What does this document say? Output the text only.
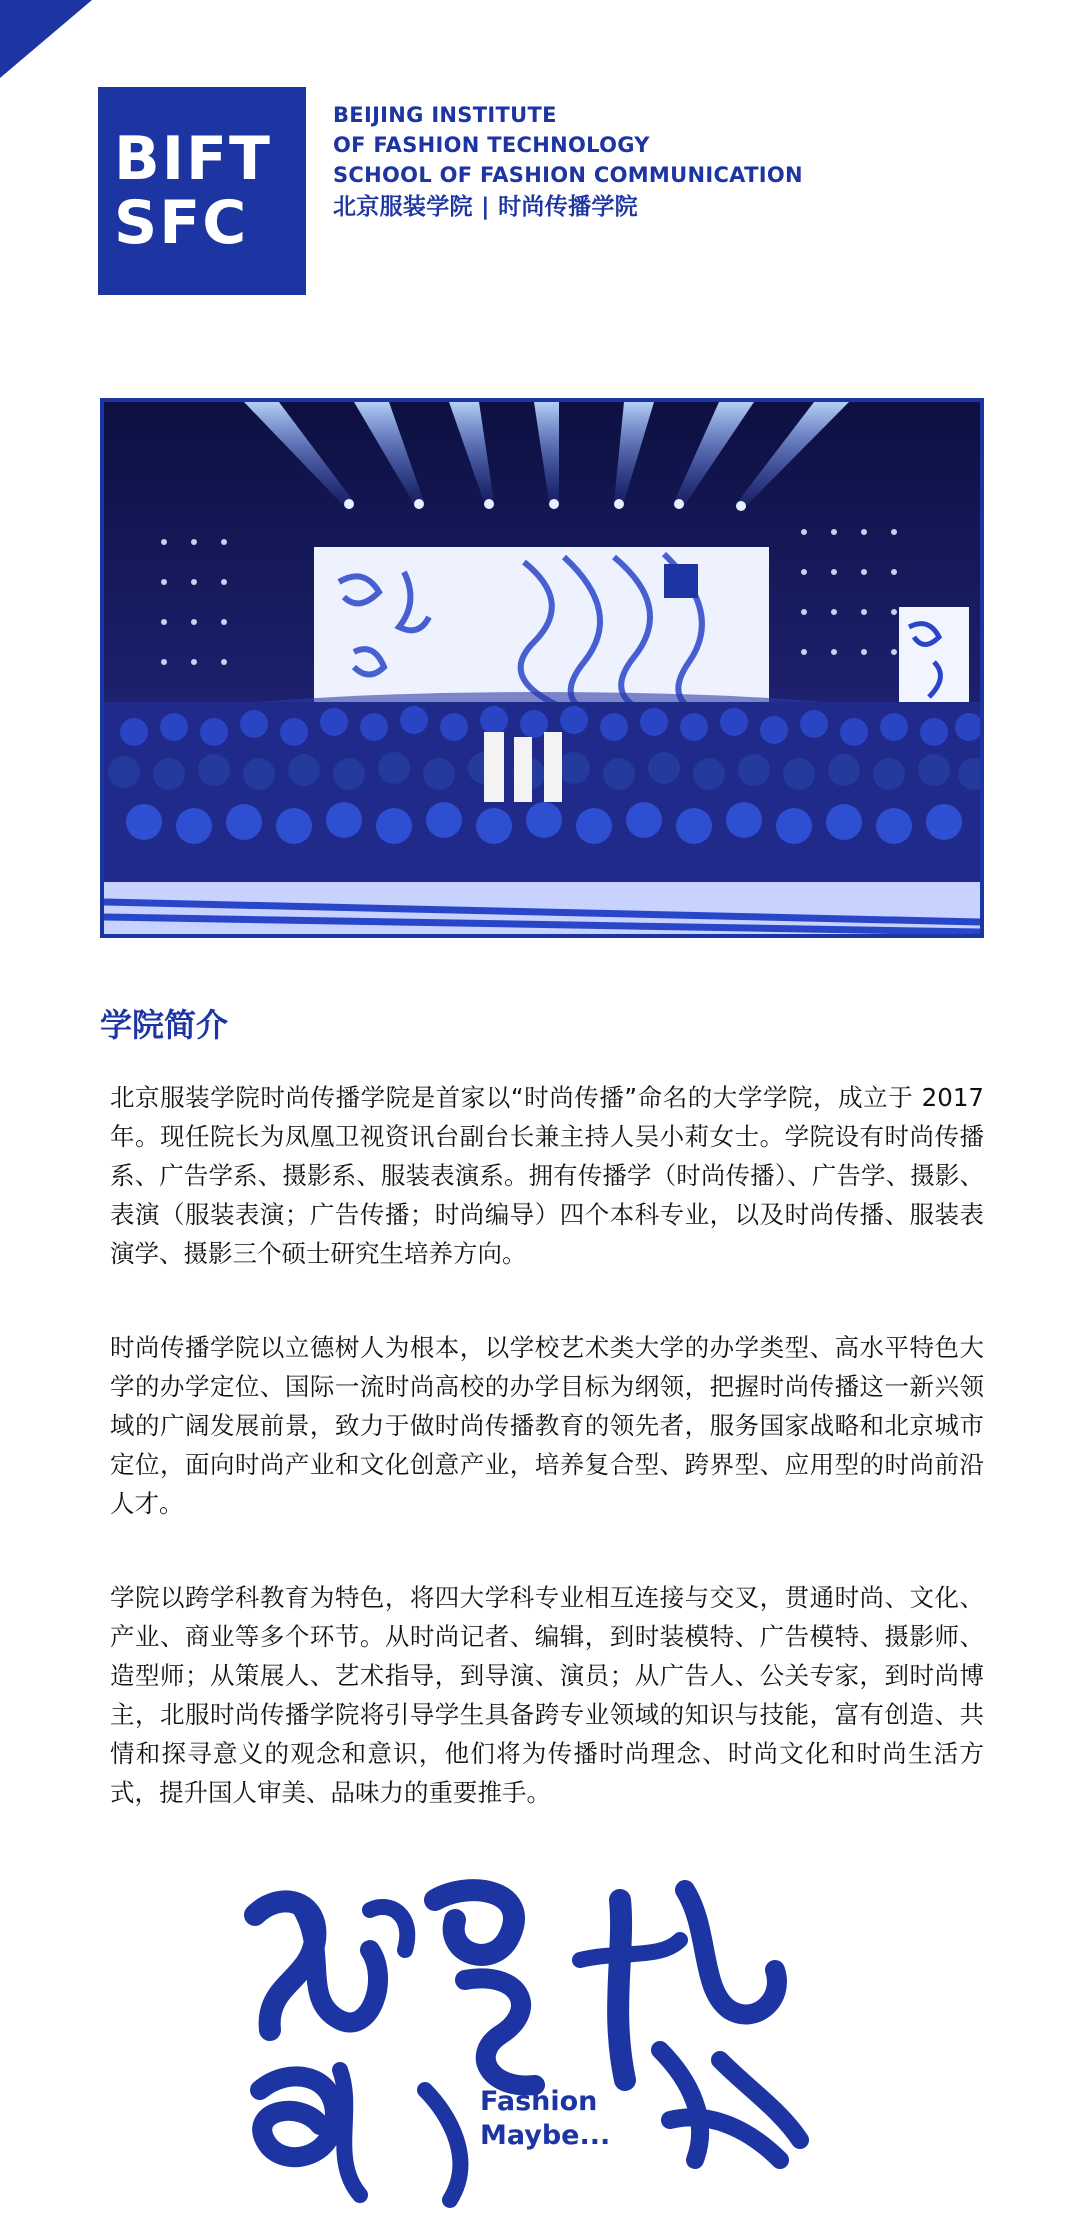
BIFT
SFC
BEIJING INSTITUTE
OF FASHION TECHNOLOGY
SCHOOL OF FASHION COMMUNICATION
北京服装学院 | 时尚传播学院
学院简介

北京服装学院时尚传播学院是首家以“时尚传播”命名的大学学院，成立于 2017 年。现任院长为凤凰卫视资讯台副台长兼主持人吴小莉女士。学院设有时尚传播系、广告学系、摄影系、服装表演系。拥有传播学（时尚传播）、广告学、摄影、表演（服装表演；广告传播；时尚编导）四个本科专业，以及时尚传播、服装表演学、摄影三个硕士研究生培养方向。

时尚传播学院以立德树人为根本，以学校艺术类大学的办学类型、高水平特色大学的办学定位、国际一流时尚高校的办学目标为纲领，把握时尚传播这一新兴领域的广阔发展前景，致力于做时尚传播教育的领先者，服务国家战略和北京城市定位，面向时尚产业和文化创意产业，培养复合型、跨界型、应用型的时尚前沿人才。

学院以跨学科教育为特色，将四大学科专业相互连接与交叉，贯通时尚、文化、产业、商业等多个环节。从时尚记者、编辑，到时装模特、广告模特、摄影师、造型师；从策展人、艺术指导，到导演、演员；从广告人、公关专家，到时尚博主，北服时尚传播学院将引导学生具备跨专业领域的知识与技能，富有创造、共情和探寻意义的观念和意识，他们将为传播时尚理念、时尚文化和时尚生活方式，提升国人审美、品味力的重要推手。

Fashion
Maybe...
